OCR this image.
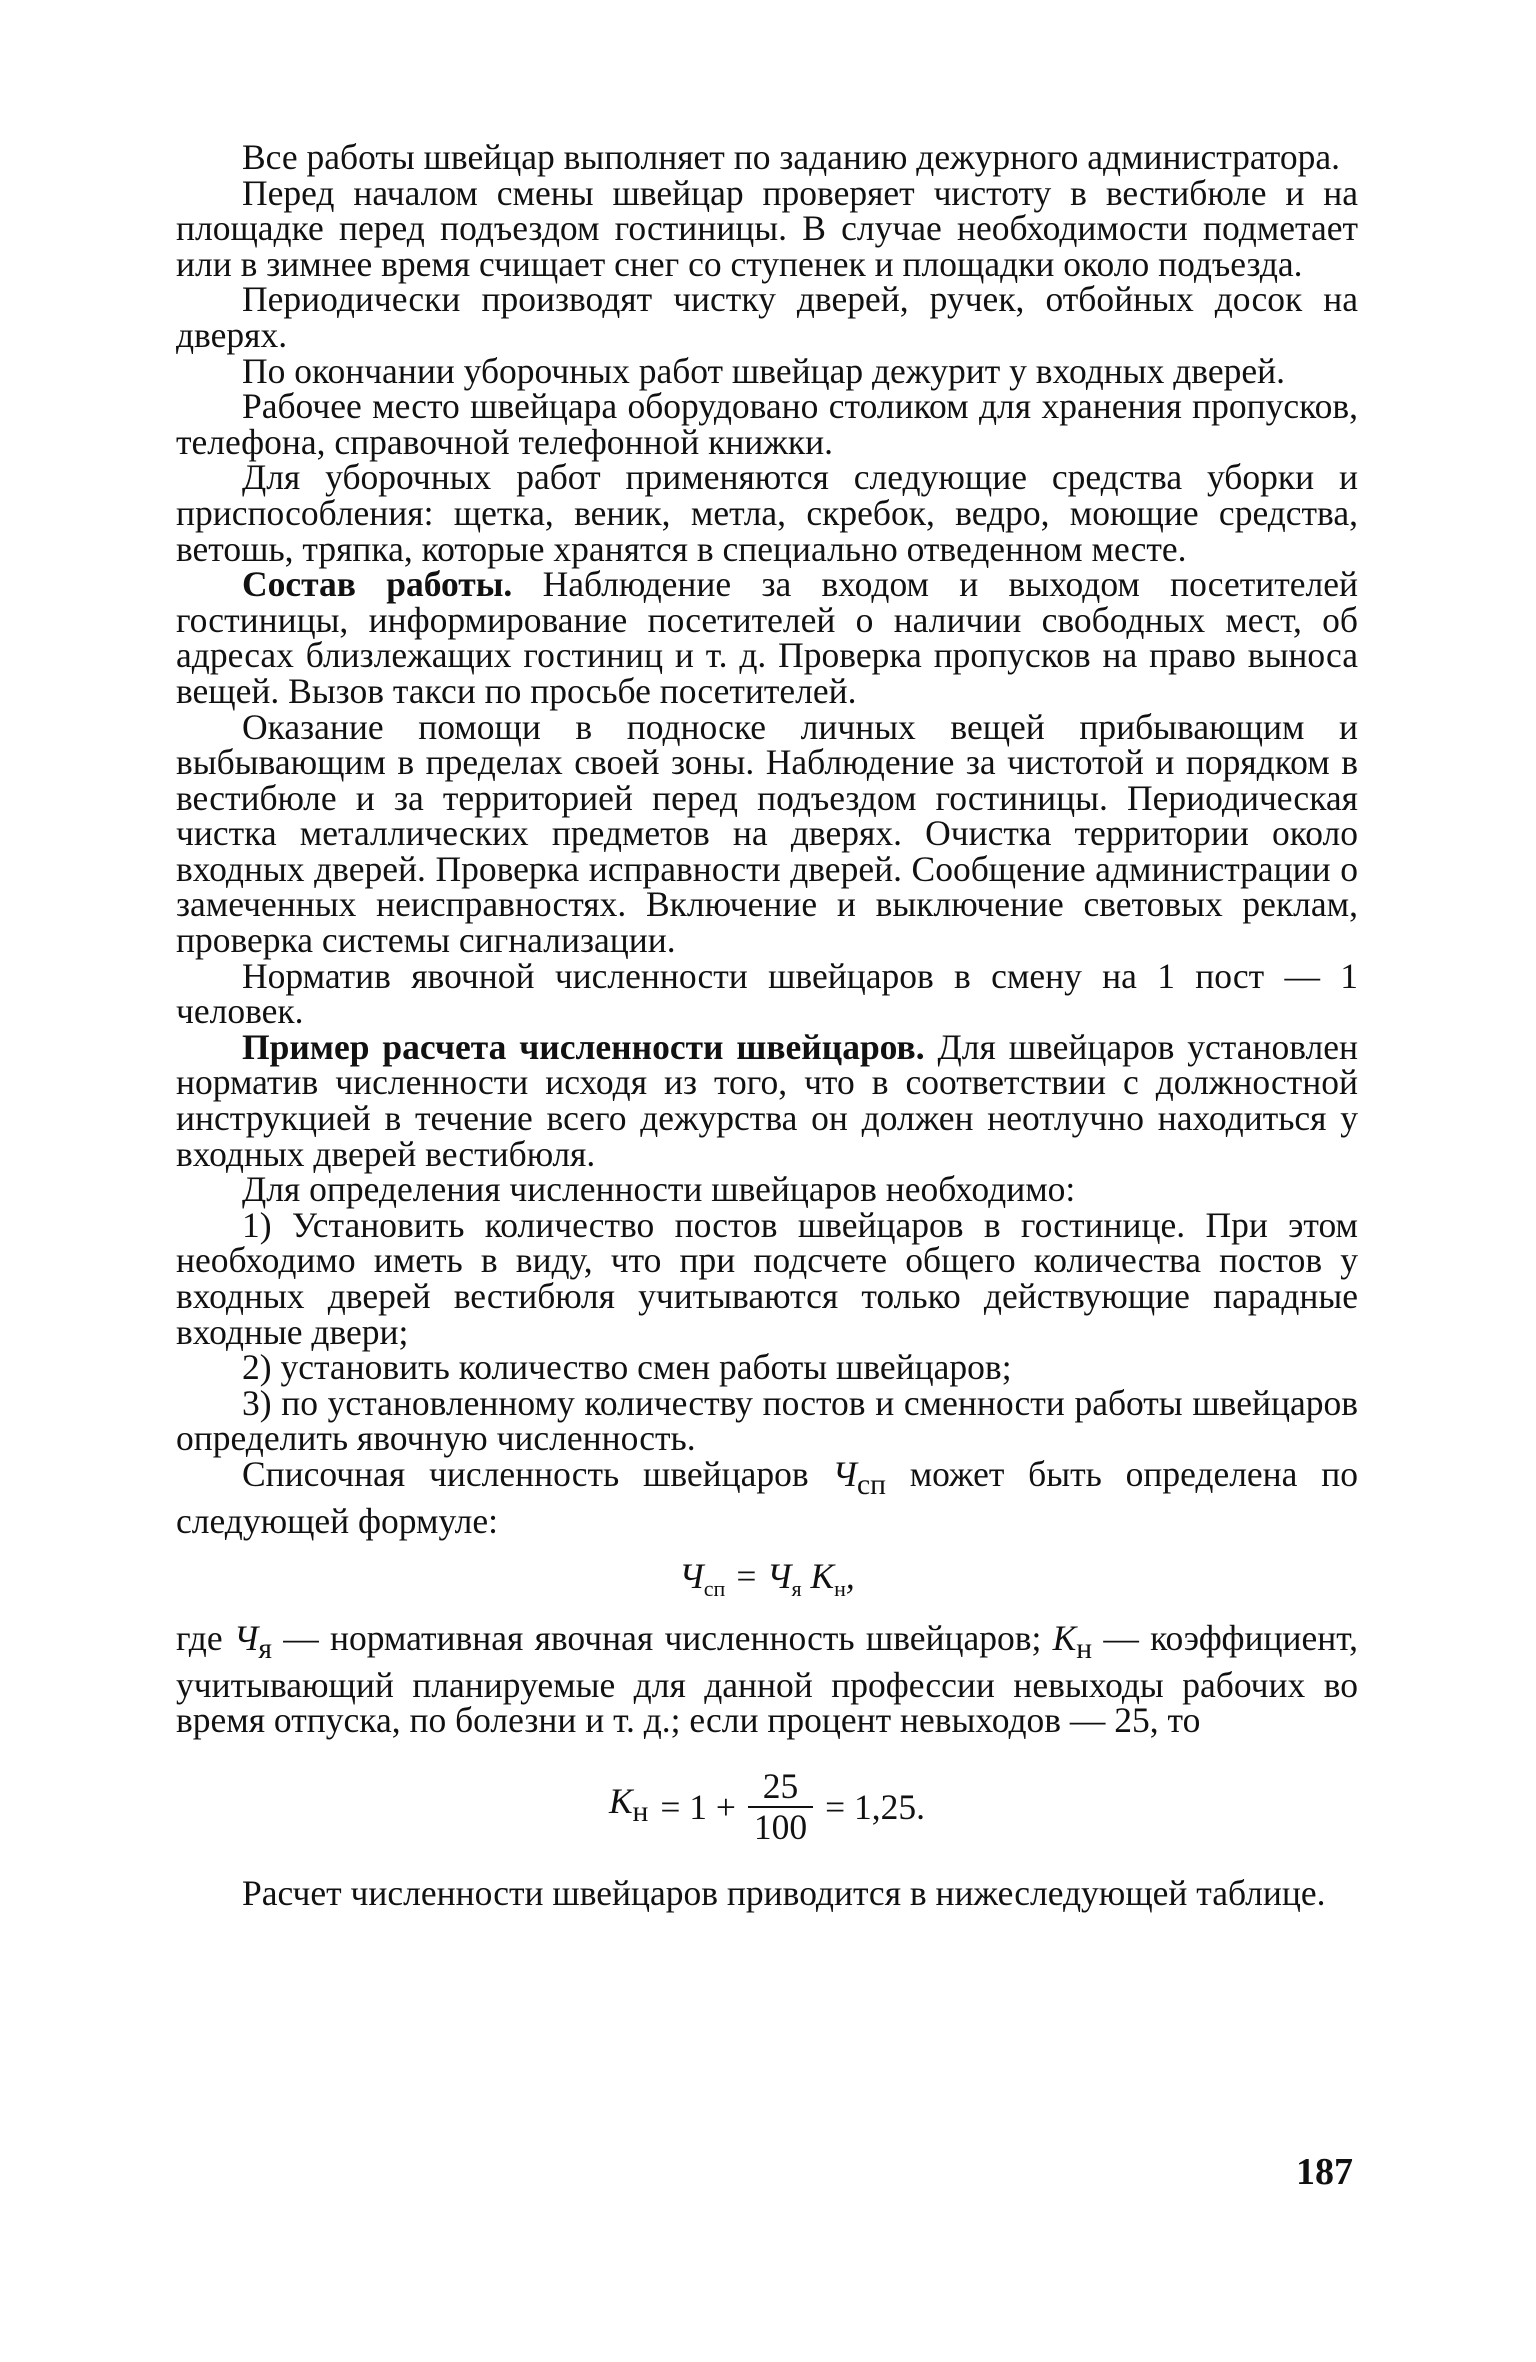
Все работы швейцар выполняет по заданию дежурного администратора.

Перед началом смены швейцар проверяет чистоту в вестибюле и на площадке перед подъездом гостиницы. В случае необходимости подметает или в зимнее время счищает снег со ступенек и площадки около подъезда.

Периодически производят чистку дверей, ручек, отбойных досок на дверях.

По окончании уборочных работ швейцар дежурит у входных дверей.

Рабочее место швейцара оборудовано столиком для хранения пропусков, телефона, справочной телефонной книжки.

Для уборочных работ применяются следующие средства уборки и приспособления: щетка, веник, метла, скребок, ведро, моющие средства, ветошь, тряпка, которые хранятся в специально отведенном месте.

Состав работы. Наблюдение за входом и выходом посетителей гостиницы, информирование посетителей о наличии свободных мест, об адресах близлежащих гостиниц и т. д. Проверка пропусков на право выноса вещей. Вызов такси по просьбе посетителей.

Оказание помощи в подноске личных вещей прибывающим и выбывающим в пределах своей зоны. Наблюдение за чистотой и порядком в вестибюле и за территорией перед подъездом гостиницы. Периодическая чистка металлических предметов на дверях. Очистка территории около входных дверей. Проверка исправности дверей. Сообщение администрации о замеченных неисправностях. Включение и выключение световых реклам, проверка системы сигнализации.

Норматив явочной численности швейцаров в смену на 1 пост — 1 человек.

Пример расчета численности швейцаров. Для швейцаров установлен норматив численности исходя из того, что в соответствии с должностной инструкцией в течение всего дежурства он должен неотлучно находиться у входных дверей вестибюля.

Для определения численности швейцаров необходимо:

1) Установить количество постов швейцаров в гостинице. При этом необходимо иметь в виду, что при подсчете общего количества постов у входных дверей вестибюля учитываются только действующие парадные входные двери;

2) установить количество смен работы швейцаров;

3) по установленному количеству постов и сменности работы швейцаров определить явочную численность.

Списочная численность швейцаров $Ч_{сп}$ может быть определена по следующей формуле:

$Ч_{сп} = Ч_я$ $К_н$,

где $Ч_я$ — нормативная явочная численность швейцаров; $К_н$ — коэффициент, учитывающий планируемые для данной профессии невыходы рабочих во время отпуска, по болезни и т. д.; если процент невыходов — 25, то

$К_н$	= 1 +	$\frac{25}{100}$	= 1,25.

Расчет численности швейцаров приводится в нижеследующей таблице.

187
